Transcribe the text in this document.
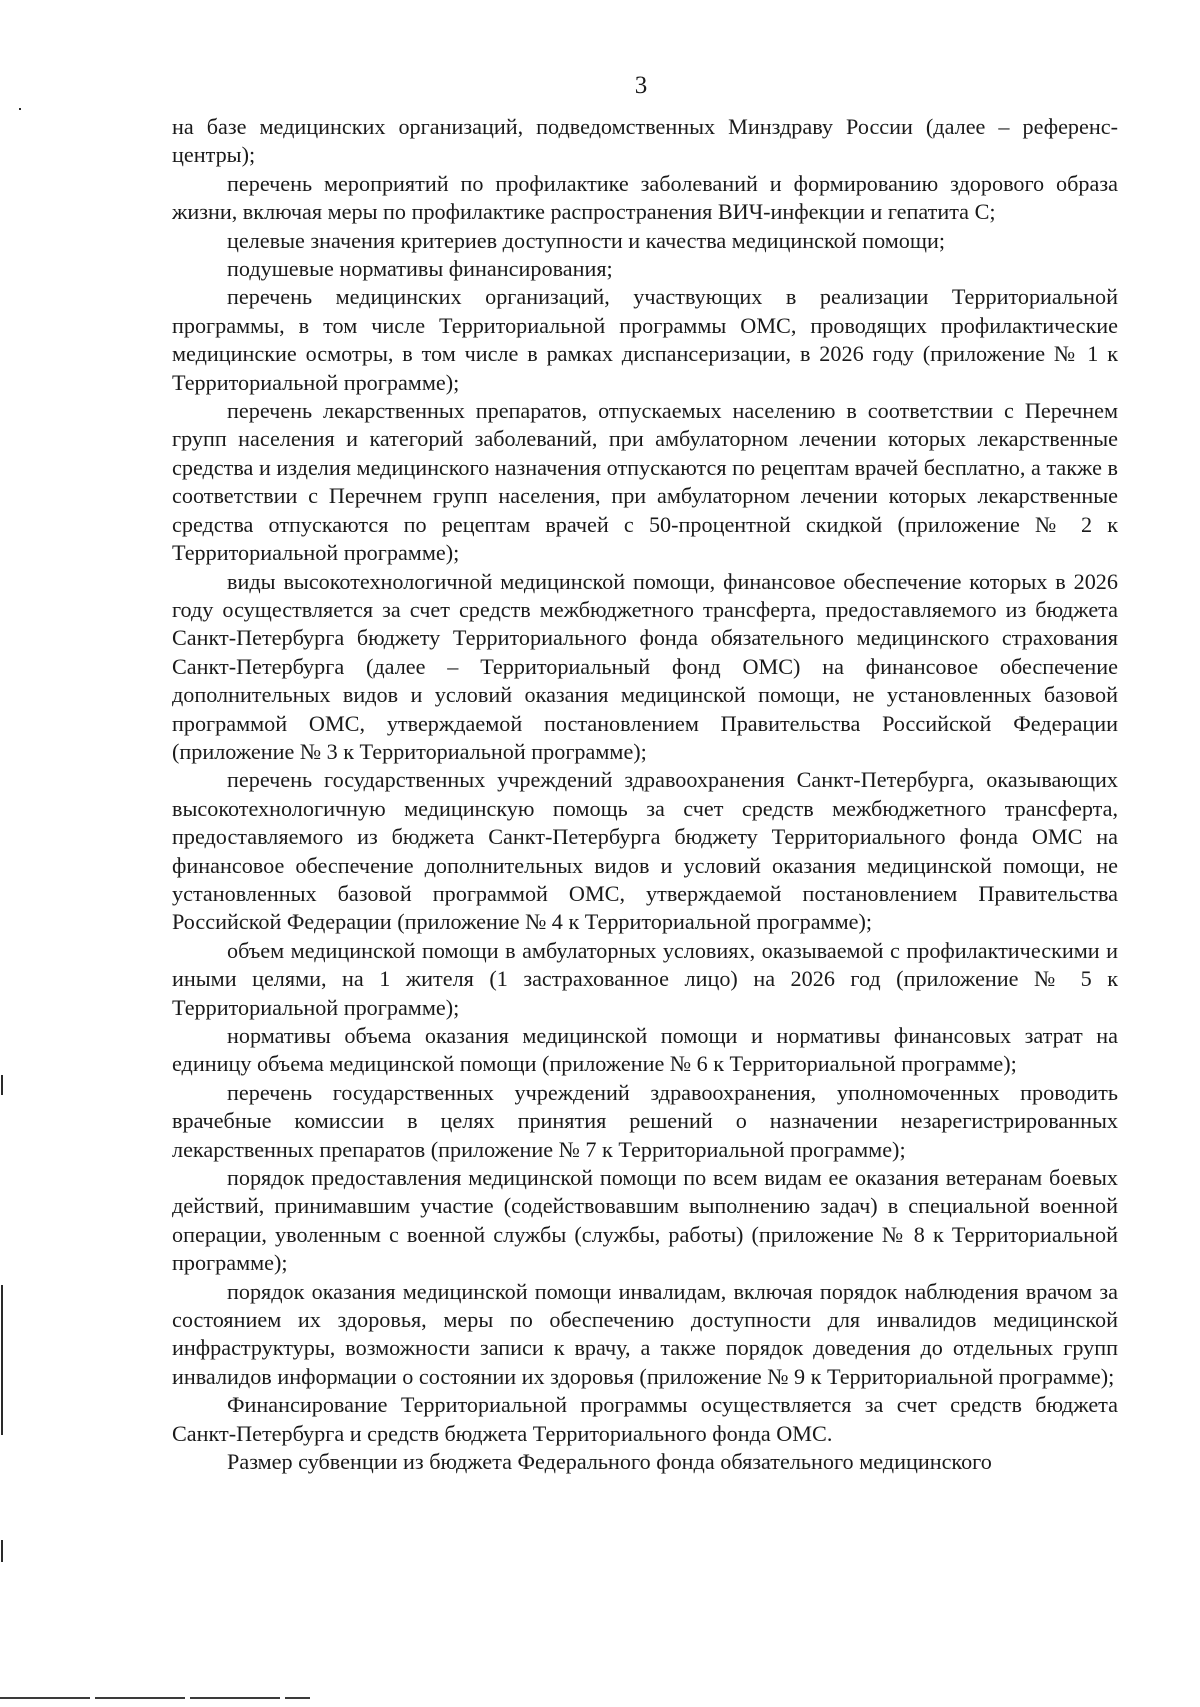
3

на базе медицинских организаций, подведомственных Минздраву России (далее – референс-центры);

перечень мероприятий по профилактике заболеваний и формированию здорового образа жизни, включая меры по профилактике распространения ВИЧ-инфекции и гепатита С;

целевые значения критериев доступности и качества медицинской помощи;

подушевые нормативы финансирования;

перечень медицинских организаций, участвующих в реализации Территориальной программы, в том числе Территориальной программы ОМС, проводящих профилактические медицинские осмотры, в том числе в рамках диспансеризации, в 2026 году (приложение № 1 к Территориальной программе);

перечень лекарственных препаратов, отпускаемых населению в соответствии с Перечнем групп населения и категорий заболеваний, при амбулаторном лечении которых лекарственные средства и изделия медицинского назначения отпускаются по рецептам врачей бесплатно, а также в соответствии с Перечнем групп населения, при амбулаторном лечении которых лекарственные средства отпускаются по рецептам врачей с 50-процентной скидкой (приложение № 2 к Территориальной программе);

виды высокотехнологичной медицинской помощи, финансовое обеспечение которых в 2026 году осуществляется за счет средств межбюджетного трансферта, предоставляемого из бюджета Санкт-Петербурга бюджету Территориального фонда обязательного медицинского страхования Санкт-Петербурга (далее – Территориальный фонд ОМС) на финансовое обеспечение дополнительных видов и условий оказания медицинской помощи, не установленных базовой программой ОМС, утверждаемой постановлением Правительства Российской Федерации (приложение № 3 к Территориальной программе);

перечень государственных учреждений здравоохранения Санкт-Петербурга, оказывающих высокотехнологичную медицинскую помощь за счет средств межбюджетного трансферта, предоставляемого из бюджета Санкт-Петербурга бюджету Территориального фонда ОМС на финансовое обеспечение дополнительных видов и условий оказания медицинской помощи, не установленных базовой программой ОМС, утверждаемой постановлением Правительства Российской Федерации (приложение № 4 к Территориальной программе);

объем медицинской помощи в амбулаторных условиях, оказываемой с профилактическими и иными целями, на 1 жителя (1 застрахованное лицо) на 2026 год (приложение № 5 к Территориальной программе);

нормативы объема оказания медицинской помощи и нормативы финансовых затрат на единицу объема медицинской помощи (приложение № 6 к Территориальной программе);

перечень государственных учреждений здравоохранения, уполномоченных проводить врачебные комиссии в целях принятия решений о назначении незарегистрированных лекарственных препаратов (приложение № 7 к Территориальной программе);

порядок предоставления медицинской помощи по всем видам ее оказания ветеранам боевых действий, принимавшим участие (содействовавшим выполнению задач) в специальной военной операции, уволенным с военной службы (службы, работы) (приложение № 8 к Территориальной программе);

порядок оказания медицинской помощи инвалидам, включая порядок наблюдения врачом за состоянием их здоровья, меры по обеспечению доступности для инвалидов медицинской инфраструктуры, возможности записи к врачу, а также порядок доведения до отдельных групп инвалидов информации о состоянии их здоровья (приложение № 9 к Территориальной программе);

Финансирование Территориальной программы осуществляется за счет средств бюджета Санкт-Петербурга и средств бюджета Территориального фонда ОМС.

Размер субвенции из бюджета Федерального фонда обязательного медицинского
